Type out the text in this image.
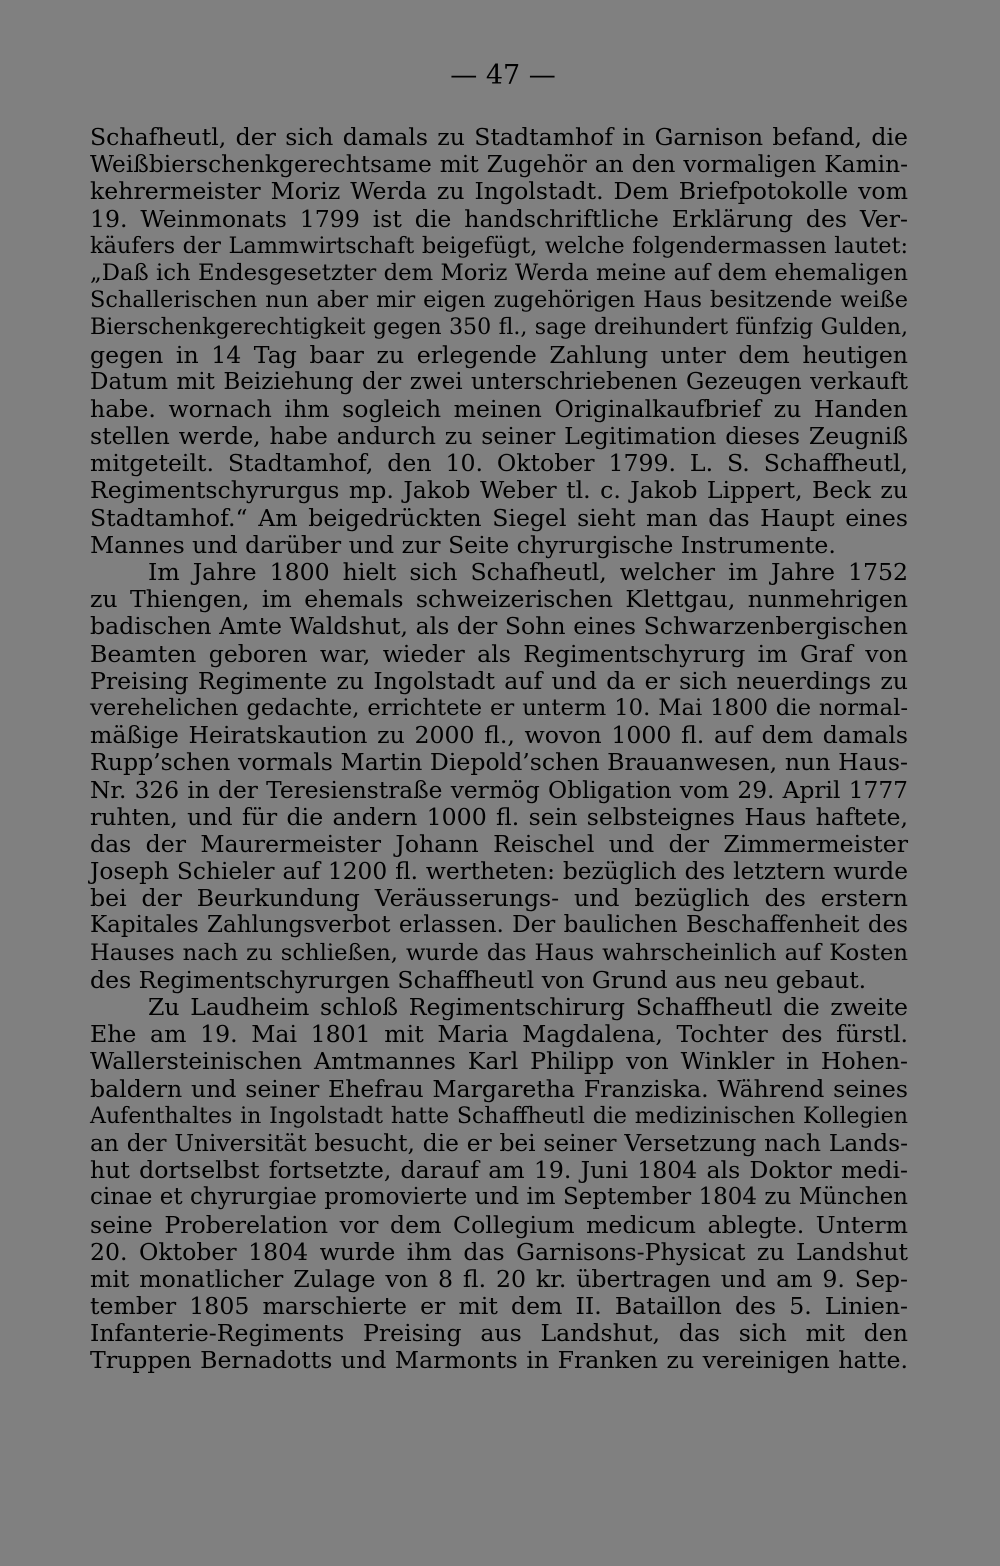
— 47 —
Schafheutl, der sich damals zu Stadtamhof in Garnison befand, die
Weißbierschenkgerechtsame mit Zugehör an den vormaligen Kamin-
kehrermeister Moriz Werda zu Ingolstadt. Dem Briefpotokolle vom
19. Weinmonats 1799 ist die handschriftliche Erklärung des Ver-
käufers der Lammwirtschaft beigefügt, welche folgendermassen lautet:
„Daß ich Endesgesetzter dem Moriz Werda meine auf dem ehemaligen
Schallerischen nun aber mir eigen zugehörigen Haus besitzende weiße
Bierschenkgerechtigkeit gegen 350 fl., sage dreihundert fünfzig Gulden,
gegen in 14 Tag baar zu erlegende Zahlung unter dem heutigen
Datum mit Beiziehung der zwei unterschriebenen Gezeugen verkauft
habe. wornach ihm sogleich meinen Originalkaufbrief zu Handen
stellen werde, habe andurch zu seiner Legitimation dieses Zeugniß
mitgeteilt. Stadtamhof, den 10. Oktober 1799. L. S. Schaffheutl,
Regimentschyrurgus mp. Jakob Weber tl. c. Jakob Lippert, Beck zu
Stadtamhof.“ Am beigedrückten Siegel sieht man das Haupt eines
Mannes und darüber und zur Seite chyrurgische Instrumente.
Im Jahre 1800 hielt sich Schafheutl, welcher im Jahre 1752
zu Thiengen, im ehemals schweizerischen Klettgau, nunmehrigen
badischen Amte Waldshut, als der Sohn eines Schwarzenbergischen
Beamten geboren war, wieder als Regimentschyrurg im Graf von
Preising Regimente zu Ingolstadt auf und da er sich neuerdings zu
verehelichen gedachte, errichtete er unterm 10. Mai 1800 die normal-
mäßige Heiratskaution zu 2000 fl., wovon 1000 fl. auf dem damals
Rupp’schen vormals Martin Diepold’schen Brauanwesen, nun Haus-
Nr. 326 in der Teresienstraße vermög Obligation vom 29. April 1777
ruhten, und für die andern 1000 fl. sein selbsteignes Haus haftete,
das der Maurermeister Johann Reischel und der Zimmermeister
Joseph Schieler auf 1200 fl. wertheten: bezüglich des letztern wurde
bei der Beurkundung Veräusserungs- und bezüglich des erstern
Kapitales Zahlungsverbot erlassen. Der baulichen Beschaffenheit des
Hauses nach zu schließen, wurde das Haus wahrscheinlich auf Kosten
des Regimentschyrurgen Schaffheutl von Grund aus neu gebaut.
Zu Laudheim schloß Regimentschirurg Schaffheutl die zweite
Ehe am 19. Mai 1801 mit Maria Magdalena, Tochter des fürstl.
Wallersteinischen Amtmannes Karl Philipp von Winkler in Hohen-
baldern und seiner Ehefrau Margaretha Franziska. Während seines
Aufenthaltes in Ingolstadt hatte Schaffheutl die medizinischen Kollegien
an der Universität besucht, die er bei seiner Versetzung nach Lands-
hut dortselbst fortsetzte, darauf am 19. Juni 1804 als Doktor medi-
cinae et chyrurgiae promovierte und im September 1804 zu München
seine Proberelation vor dem Collegium medicum ablegte. Unterm
20. Oktober 1804 wurde ihm das Garnisons-Physicat zu Landshut
mit monatlicher Zulage von 8 fl. 20 kr. übertragen und am 9. Sep-
tember 1805 marschierte er mit dem II. Bataillon des 5. Linien-
Infanterie-Regiments Preising aus Landshut, das sich mit den
Truppen Bernadotts und Marmonts in Franken zu vereinigen hatte.
